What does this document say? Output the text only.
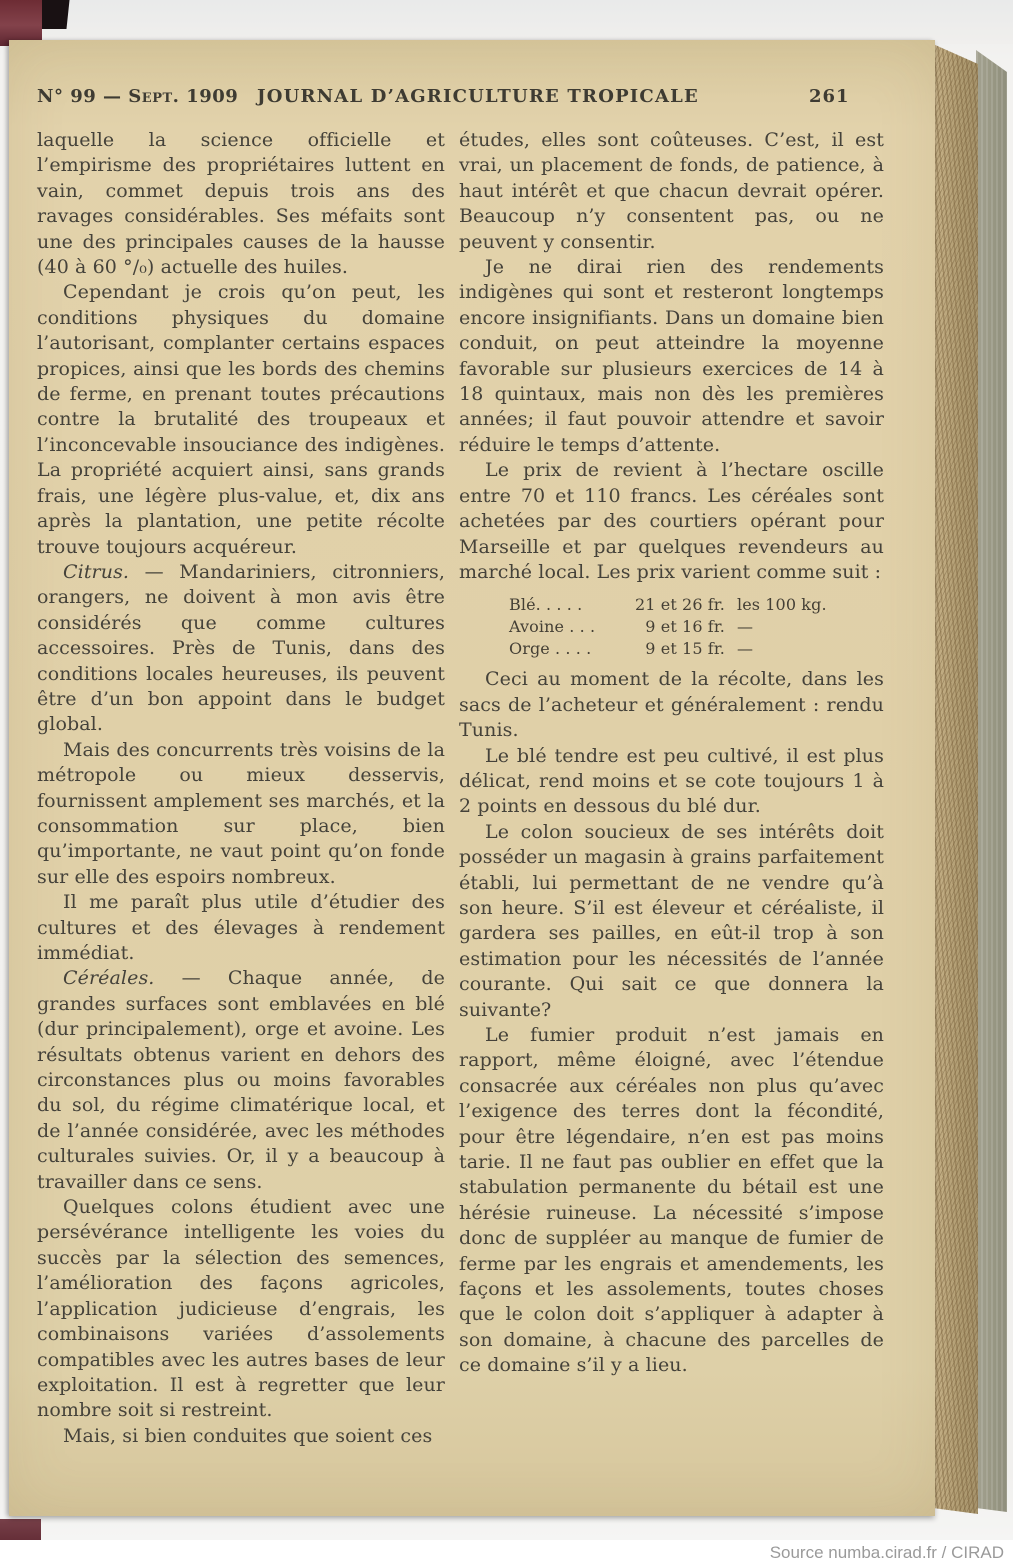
N° 99 — Sept. 1909 JOURNAL D’AGRICULTURE TROPICALE	261

laquelle la science officielle et l’empirisme des propriétaires luttent en vain, commet depuis trois ans des ravages considérables. Ses méfaits sont une des principales causes de la hausse (40 à 60 °/₀) actuelle des huiles.

Cependant je crois qu’on peut, les conditions physiques du domaine l’autorisant, complanter certains espaces propices, ainsi que les bords des chemins de ferme, en prenant toutes précautions contre la brutalité des troupeaux et l’inconcevable insouciance des indigènes. La propriété acquiert ainsi, sans grands frais, une légère plus-value, et, dix ans après la plantation, une petite récolte trouve toujours acquéreur.

Citrus. — Mandariniers, citronniers, orangers, ne doivent à mon avis être considérés que comme cultures accessoires. Près de Tunis, dans des conditions locales heureuses, ils peuvent être d’un bon appoint dans le budget global.

Mais des concurrents très voisins de la métropole ou mieux desservis, fournissent amplement ses marchés, et la consommation sur place, bien qu’importante, ne vaut point qu’on fonde sur elle des espoirs nombreux.

Il me paraît plus utile d’étudier des cultures et des élevages à rendement immédiat.

Céréales. — Chaque année, de grandes surfaces sont emblavées en blé (dur principalement), orge et avoine. Les résultats obtenus varient en dehors des circonstances plus ou moins favorables du sol, du régime climatérique local, et de l’année considérée, avec les méthodes culturales suivies. Or, il y a beaucoup à travailler dans ce sens.

Quelques colons étudient avec une persévérance intelligente les voies du succès par la sélection des semences, l’amélioration des façons agricoles, l’application judicieuse d’engrais, les combinaisons variées d’assolements compatibles avec les autres bases de leur exploitation. Il est à regretter que leur nombre soit si restreint.

Mais, si bien conduites que soient ces

études, elles sont coûteuses. C’est, il est vrai, un placement de fonds, de patience, à haut intérêt et que chacun devrait opérer. Beaucoup n’y consentent pas, ou ne peuvent y consentir.

Je ne dirai rien des rendements indigènes qui sont et resteront longtemps encore insignifiants. Dans un domaine bien conduit, on peut atteindre la moyenne favorable sur plusieurs exercices de 14 à 18 quintaux, mais non dès les premières années; il faut pouvoir attendre et savoir réduire le temps d’attente.

Le prix de revient à l’hectare oscille entre 70 et 110 francs. Les céréales sont achetées par des courtiers opérant pour Marseille et par quelques revendeurs au marché local. Les prix varient comme suit :

Blé. . . . .	21 et 26 fr. les 100 kg.
Avoine . . .	9 et 16 fr. —
Orge . . . .	9 et 15 fr. —

Ceci au moment de la récolte, dans les sacs de l’acheteur et généralement : rendu Tunis.

Le blé tendre est peu cultivé, il est plus délicat, rend moins et se cote toujours 1 à 2 points en dessous du blé dur.

Le colon soucieux de ses intérêts doit posséder un magasin à grains parfaitement établi, lui permettant de ne vendre qu’à son heure. S’il est éleveur et céréaliste, il gardera ses pailles, en eût-il trop à son estimation pour les nécessités de l’année courante. Qui sait ce que donnera la suivante?

Le fumier produit n’est jamais en rapport, même éloigné, avec l’étendue consacrée aux céréales non plus qu’avec l’exigence des terres dont la fécondité, pour être légendaire, n’en est pas moins tarie. Il ne faut pas oublier en effet que la stabulation permanente du bétail est une hérésie ruineuse. La nécessité s’impose donc de suppléer au manque de fumier de ferme par les engrais et amendements, les façons et les assolements, toutes choses que le colon doit s’appliquer à adapter à son domaine, à chacune des parcelles de ce domaine s’il y a lieu.

Source numba.cirad.fr / CIRAD
